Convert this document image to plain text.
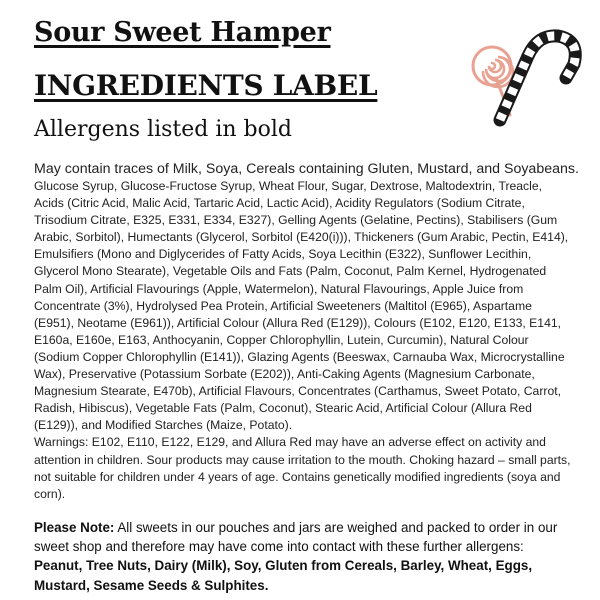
Sour Sweet Hamper
INGREDIENTS LABEL
Allergens listed in bold

May contain traces of Milk, Soya, Cereals containing Gluten, Mustard, and Soyabeans.

Glucose Syrup, Glucose-Fructose Syrup, Wheat Flour, Sugar, Dextrose, Maltodextrin, Treacle, Acids (Citric Acid, Malic Acid, Tartaric Acid, Lactic Acid), Acidity Regulators (Sodium Citrate, Trisodium Citrate, E325, E331, E334, E327), Gelling Agents (Gelatine, Pectins), Stabilisers (Gum Arabic, Sorbitol), Humectants (Glycerol, Sorbitol (E420(i))), Thickeners (Gum Arabic, Pectin, E414), Emulsifiers (Mono and Diglycerides of Fatty Acids, Soya Lecithin (E322), Sunflower Lecithin, Glycerol Mono Stearate), Vegetable Oils and Fats (Palm, Coconut, Palm Kernel, Hydrogenated Palm Oil), Artificial Flavourings (Apple, Watermelon), Natural Flavourings, Apple Juice from Concentrate (3%), Hydrolysed Pea Protein, Artificial Sweeteners (Maltitol (E965), Aspartame (E951), Neotame (E961)), Artificial Colour (Allura Red (E129)), Colours (E102, E120, E133, E141, E160a, E160e, E163, Anthocyanin, Copper Chlorophyllin, Lutein, Curcumin), Natural Colour (Sodium Copper Chlorophyllin (E141)), Glazing Agents (Beeswax, Carnauba Wax, Microcrystalline Wax), Preservative (Potassium Sorbate (E202)), Anti-Caking Agents (Magnesium Carbonate, Magnesium Stearate, E470b), Artificial Flavours, Concentrates (Carthamus, Sweet Potato, Carrot, Radish, Hibiscus), Vegetable Fats (Palm, Coconut), Stearic Acid, Artificial Colour (Allura Red (E129)), and Modified Starches (Maize, Potato).

Warnings: E102, E110, E122, E129, and Allura Red may have an adverse effect on activity and attention in children. Sour products may cause irritation to the mouth. Choking hazard – small parts, not suitable for children under 4 years of age. Contains genetically modified ingredients (soya and corn).

Please Note: All sweets in our pouches and jars are weighed and packed to order in our sweet shop and therefore may have come into contact with these further allergens: Peanut, Tree Nuts, Dairy (Milk), Soy, Gluten from Cereals, Barley, Wheat, Eggs, Mustard, Sesame Seeds & Sulphites.
